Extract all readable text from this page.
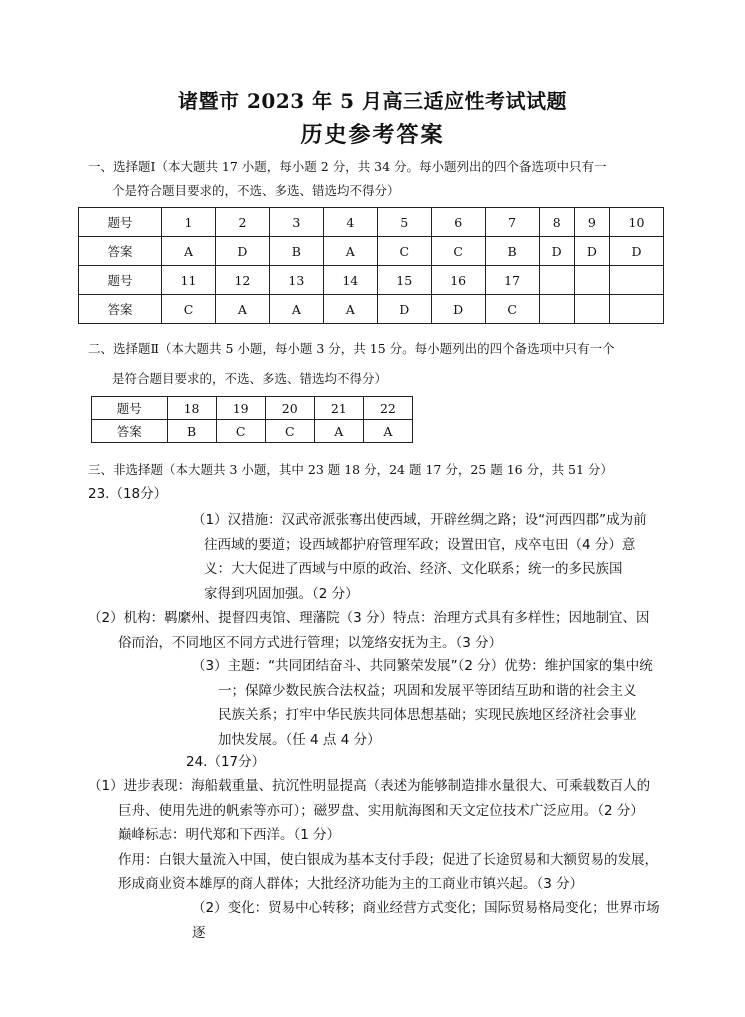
诸暨市 2023 年 5 月高三适应性考试试题
历史参考答案
一、选择题Ⅰ（本大题共 17 小题，每小题 2 分，共 34 分。每小题列出的四个备选项中只有一
个是符合题目要求的，不选、多选、错选均不得分）
题号	1	2	3	4	5	6	7	8	9	10
答案	A	D	B	A	C	C	B	D	D	D
题号	11	12	13	14	15	16	17			
答案	C	A	A	A	D	D	C			
二、选择题Ⅱ（本大题共 5 小题，每小题 3 分，共 15 分。每小题列出的四个备选项中只有一个
是符合题目要求的，不选、多选、错选均不得分）
题号	18	19	20	21	22
答案	B	C	C	A	A
三、非选择题（本大题共 3 小题，其中 23 题 18 分，24 题 17 分，25 题 16 分，共 51 分）
23.（18分）
（1）汉措施：汉武帝派张骞出使西域，开辟丝绸之路；设“河西四郡”成为前
往西域的要道；设西域都护府管理军政；设置田官，戍卒屯田（4 分）意
义：大大促进了西域与中原的政治、经济、文化联系；统一的多民族国
家得到巩固加强。（2 分）
（2）机构：羁縻州、提督四夷馆、理藩院（3 分）特点：治理方式具有多样性；因地制宜、因
俗而治，不同地区不同方式进行管理；以笼络安抚为主。（3 分）
（3）主题：“共同团结奋斗、共同繁荣发展”（2 分）优势：维护国家的集中统
一；保障少数民族合法权益；巩固和发展平等团结互助和谐的社会主义
民族关系；打牢中华民族共同体思想基础；实现民族地区经济社会事业
加快发展。（任 4 点 4 分）
24.（17分）
（1）进步表现：海船载重量、抗沉性明显提高（表述为能够制造排水量很大、可乘载数百人的
巨舟、使用先进的帆索等亦可）；磁罗盘、实用航海图和天文定位技术广泛应用。（2 分）
巅峰标志：明代郑和下西洋。（1 分）
作用：白银大量流入中国，使白银成为基本支付手段；促进了长途贸易和大额贸易的发展，
形成商业资本雄厚的商人群体；大批经济功能为主的工商业市镇兴起。（3 分）
（2）变化：贸易中心转移；商业经营方式变化；国际贸易格局变化；世界市场逐
